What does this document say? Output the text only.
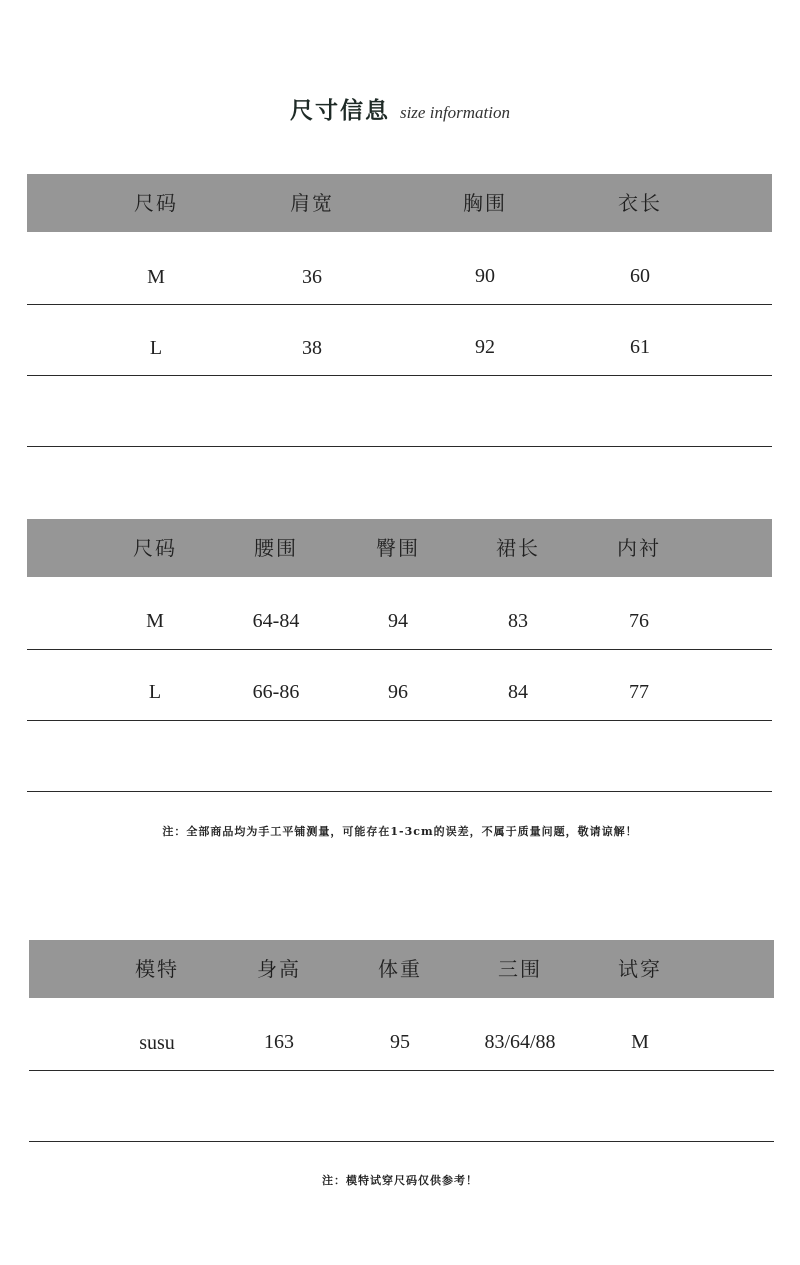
尺寸信息 size information
尺码	肩宽	胸围	衣长
M	36	90	60
L	38	92	61
尺码	腰围	臀围	裙长	内衬
M	64-84	94	83	76
L	66-86	96	84	77
注：全部商品均为手工平铺测量，可能存在1-3cm的误差，不属于质量问题，敬请谅解！
模特	身高	体重	三围	试穿
susu	163	95	83/64/88	M
注：模特试穿尺码仅供参考！
